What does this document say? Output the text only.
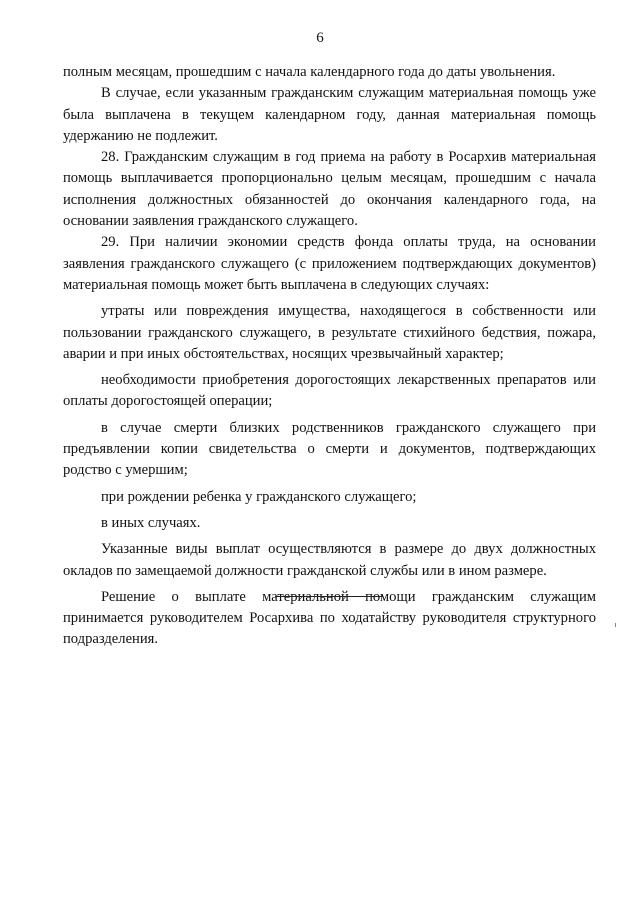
6

полным месяцам, прошедшим с начала календарного года до даты увольнения.

В случае, если указанным гражданским служащим материальная помощь уже была выплачена в текущем календарном году, данная материальная помощь удержанию не подлежит.

28. Гражданским служащим в год приема на работу в Росархив материальная помощь выплачивается пропорционально целым месяцам, прошедшим с начала исполнения должностных обязанностей до окончания календарного года, на основании заявления гражданского служащего.

29. При наличии экономии средств фонда оплаты труда, на основании заявления гражданского служащего (с приложением подтверждающих документов) материальная помощь может быть выплачена в следующих случаях:

утраты или повреждения имущества, находящегося в собственности или пользовании гражданского служащего, в результате стихийного бедствия, пожара, аварии и при иных обстоятельствах, носящих чрезвычайный характер;

необходимости приобретения дорогостоящих лекарственных препаратов или оплаты дорогостоящей операции;

в случае смерти близких родственников гражданского служащего при предъявлении копии свидетельства о смерти и документов, подтверждающих родство с умершим;

при рождении ребенка у гражданского служащего;

в иных случаях.

Указанные виды выплат осуществляются в размере до двух должностных окладов по замещаемой должности гражданской службы или в ином размере.

Решение о выплате материальной помощи гражданским служащим принимается руководителем Росархива по ходатайству руководителя структурного подразделения.
